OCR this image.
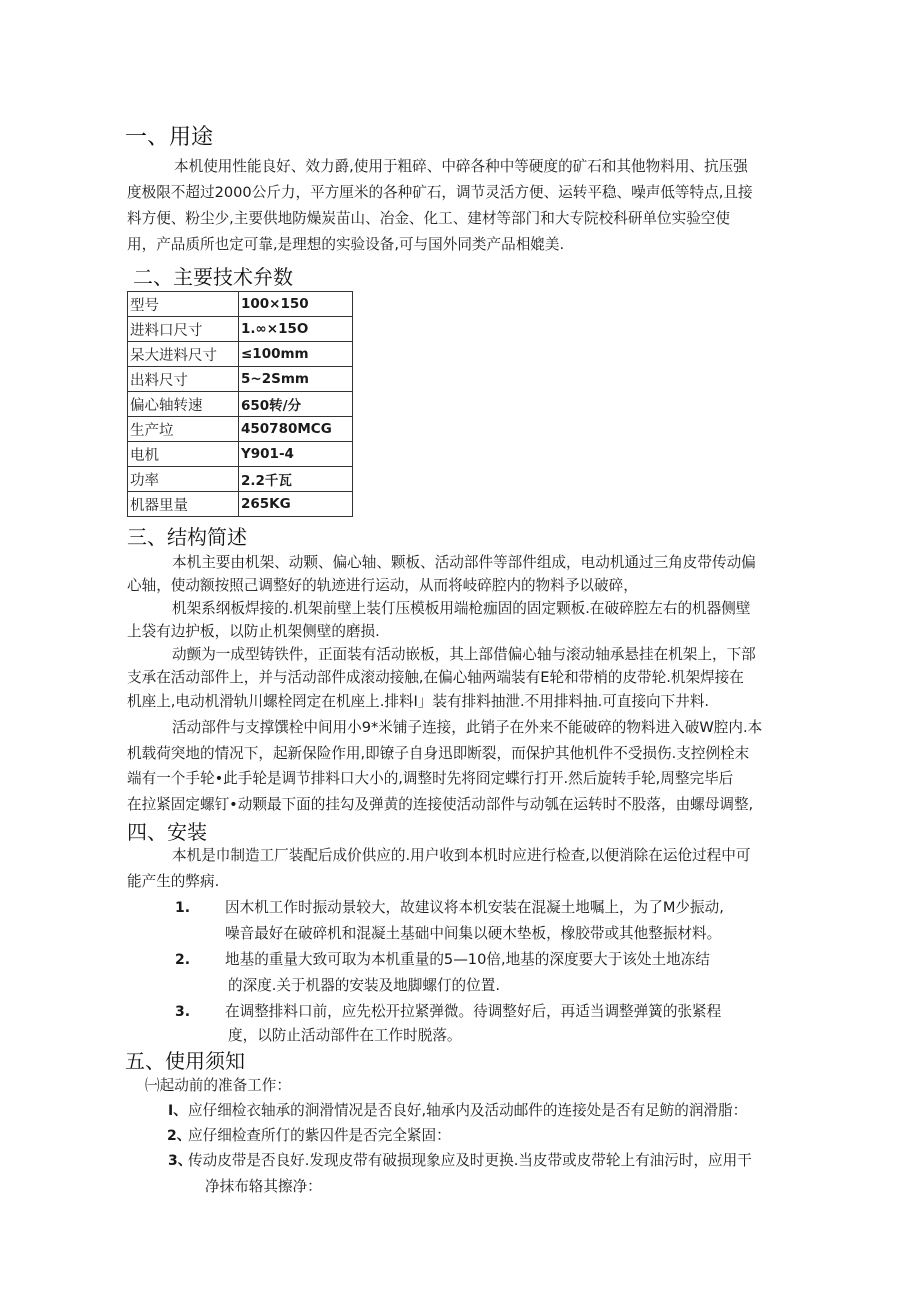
一、用途
本机使用性能良好、效力爵,使用于粗碎、中碎各种中等硬度的矿石和其他物料用、抗压强
度极限不超过2000公斤力，平方厘米的各种矿石，调节灵活方便、运转平稳、噪声低等特点,且接
料方便、粉尘少,主要供地防燥炭苗山、冶金、化工、建材等部门和大专院校科研单位实验空使
用，产品质所也定可靠,是理想的实验设备,可与国外同类产品相媲美.
二、主要技术弁数
型号	100×150
进料口尺寸	1.∞×15O
呆大进料尺寸	≤100mm
出料尺寸	5~2Smm
偏心轴转速	650转/分
生产垃	450780MCG
电机	Y901-4
功率	2.2千瓦
机器里量	265KG
三、结构简述
本机主要由机架、动颗、偏心轴、颗板、活动部件等部件组成，电动机通过三角皮带传动偏
心轴，使动额按照己调整好的轨迹进行运动，从而将岐碎腔内的物料予以破碎，
机架系纲板焊接的.机架前壁上装仃压模板用端枪痂固的固定颗板.在破碎腔左右的机器侧壁
上袋有边护板，以防止机架侧壁的磨损.
动颤为一成型铸铁件，正面装有活动嵌板，其上部借偏心轴与滚动轴承悬挂在机架上，下部
支承在活动部件上，并与活动部件成滚动接触,在偏心轴两端装有E轮和带梢的皮带轮.机架焊接在
机座上,电动机滑轨川螺栓罔定在机座上.排料I」装有排料抽泄.不用排料抽.可直接向下井料.
活动部件与支撑馔栓中间用小9*米铺子连接，此销子在外来不能破碎的物料进入破W腔内.本
机载荷突地的情况下，起新保险作用,即镣子自身迅即断裂，而保护其他机件不受损伤.支控例栓末
端有一个手轮•此手轮是调节排料口大小的,调整时先将冏定蝶行打开.然后旋转手轮,周整完毕后
在拉紧固定螺钉•动颗最下面的挂勾及弹黄的连接使活动部件与动瓠在运转时不股落，由螺母调整,
四、安装
本机是巾制造工厂装配后成价供应的.用户收到本机时应进行检查,以便消除在运伧过程中可
能产生的弊病.
1. 因木机工作时振动景较大，故建议将本机安装在混凝土地嘱上，为了M少振动,
噪音最好在破碎机和混凝土基础中间集以硬木垫板，橡胶带或其他整振材料。
2. 地基的重量大致可取为本机重量的5—10倍,地基的深度要大于该处土地冻结
的深度.关于机器的安装及地脚螺仃的位置.
3. 在调整排料口前，应先松开拉紧弹微。待调整好后，再适当调整弹簧的张紧程
度，以防止活动部件在工作时脱落。
五、使用须知
㈠起动前的准备工作：
I、 应仔细检衣轴承的涧滑情况是否良好,轴承内及活动邮件的连接处是否有足鲂的润滑脂：
2、
应仔细检查所仃的紫囚件是否完全紧固：
3、
传动皮带是否良好.发现皮带有破损现象应及时更换.当皮带或皮带轮上有油污时，应用干
净抹布辂其擦净：
